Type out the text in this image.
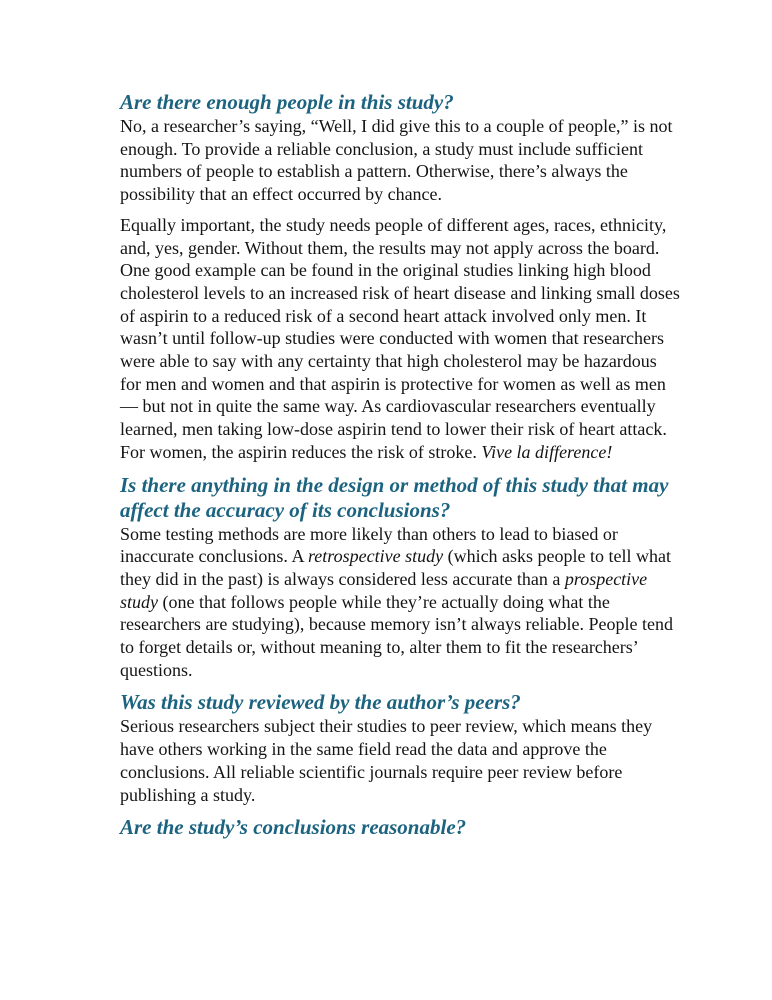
Are there enough people in this study?

No, a researcher’s saying, “Well, I did give this to a couple of people,” is not enough. To provide a reliable conclusion, a study must include sufficient numbers of people to establish a pattern. Otherwise, there’s always the possibility that an effect occurred by chance.

Equally important, the study needs people of different ages, races, ethnicity, and, yes, gender. Without them, the results may not apply across the board. One good example can be found in the original studies linking high blood cholesterol levels to an increased risk of heart disease and linking small doses of aspirin to a reduced risk of a second heart attack involved only men. It wasn’t until follow-up studies were conducted with women that researchers were able to say with any certainty that high cholesterol may be hazardous for men and women and that aspirin is protective for women as well as men — but not in quite the same way. As cardiovascular researchers eventually learned, men taking low-dose aspirin tend to lower their risk of heart attack. For women, the aspirin reduces the risk of stroke. Vive la difference!

Is there anything in the design or method of this study that may affect the accuracy of its conclusions?

Some testing methods are more likely than others to lead to biased or inaccurate conclusions. A retrospective study (which asks people to tell what they did in the past) is always considered less accurate than a prospective study (one that follows people while they’re actually doing what the researchers are studying), because memory isn’t always reliable. People tend to forget details or, without meaning to, alter them to fit the researchers’ questions.

Was this study reviewed by the author’s peers?

Serious researchers subject their studies to peer review, which means they have others working in the same field read the data and approve the conclusions. All reliable scientific journals require peer review before publishing a study.

Are the study’s conclusions reasonable?
